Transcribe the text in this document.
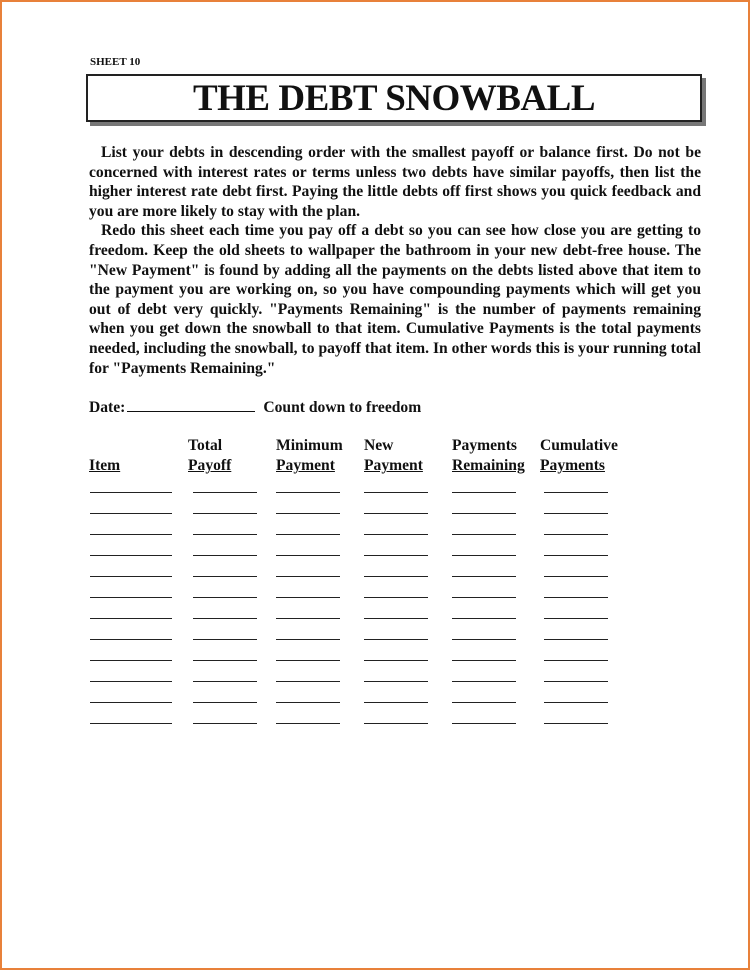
SHEET 10
THE DEBT SNOWBALL

List your debts in descending order with the smallest payoff or balance first. Do not be concerned with interest rates or terms unless two debts have similar payoffs, then list the higher interest rate debt first. Paying the little debts off first shows you quick feedback and you are more likely to stay with the plan.

Redo this sheet each time you pay off a debt so you can see how close you are getting to freedom. Keep the old sheets to wallpaper the bathroom in your new debt-free house. The "New Payment" is found by adding all the payments on the debts listed above that item to the payment you are working on, so you have compounding payments which will get you out of debt very quickly. "Payments Remaining" is the number of payments remaining when you get down the snowball to that item. Cumulative Payments is the total payments needed, including the snowball, to payoff that item. In other words this is your running total for "Payments Remaining."

Date:	Count down to freedom

Item
Total
Payoff
Minimum
Payment
New
Payment
Payments
Remaining
Cumulative
Payments
